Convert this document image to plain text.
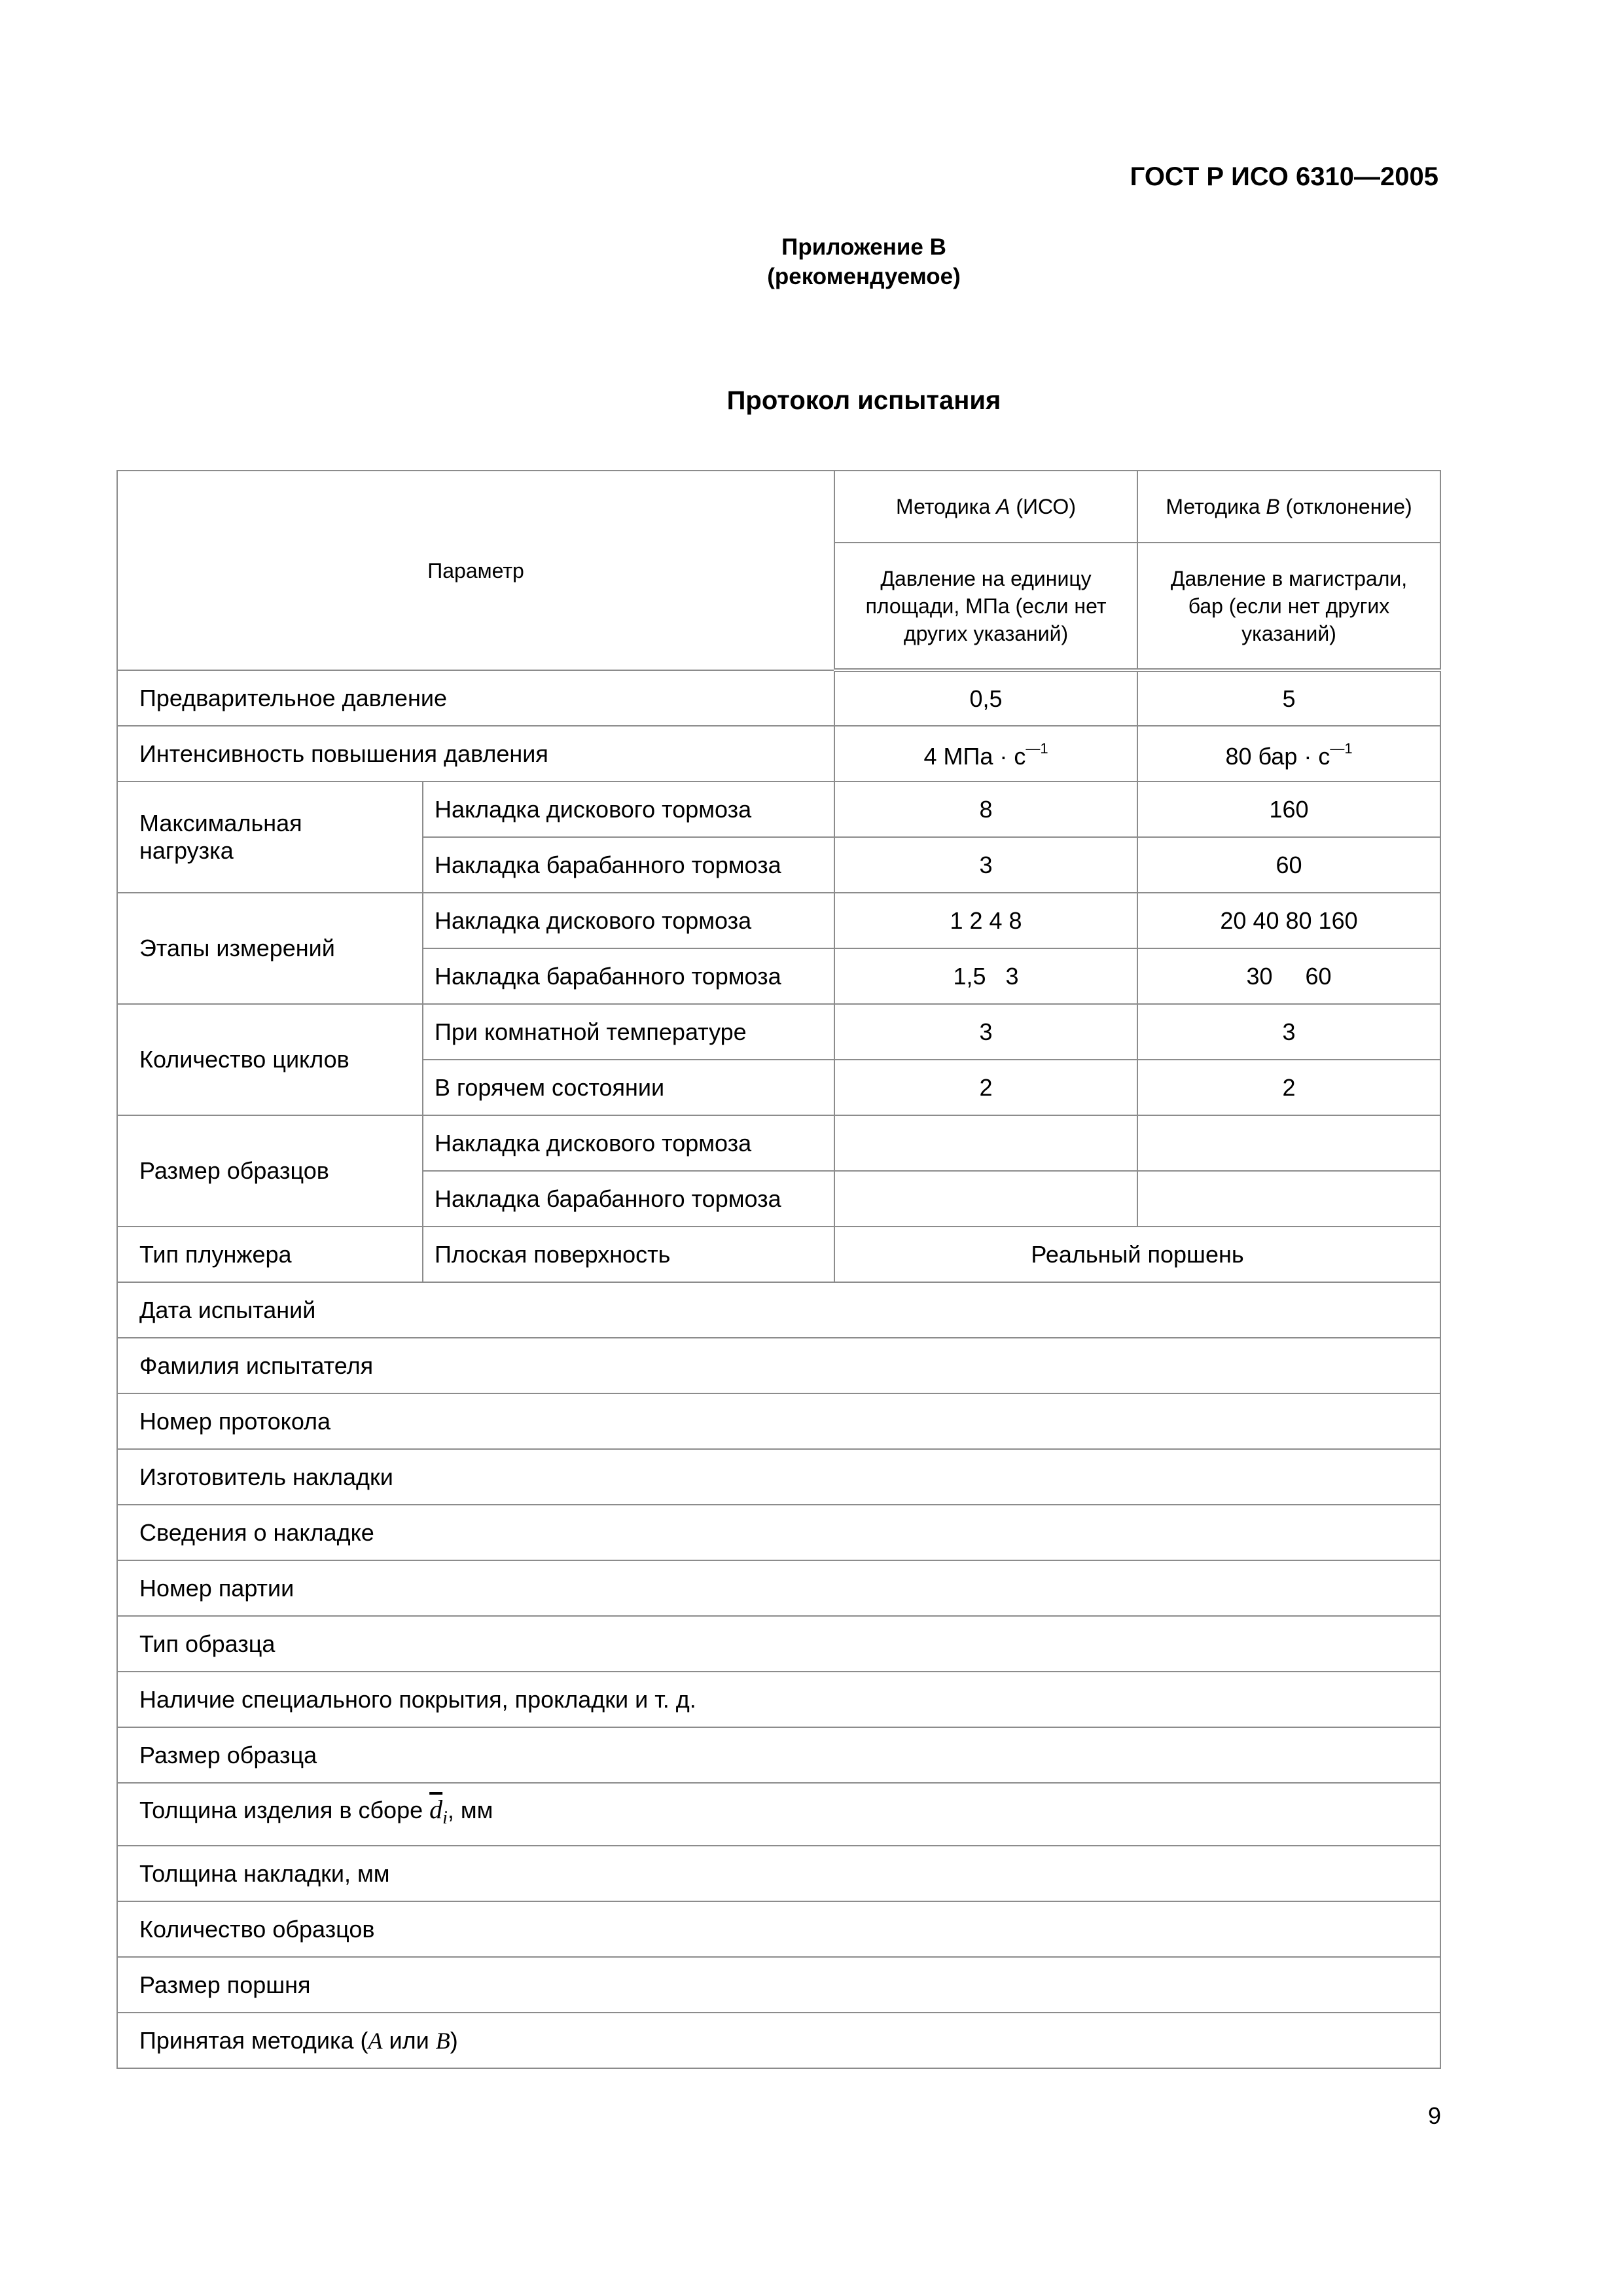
ГОСТ Р ИСО 6310—2005
Приложение В
(рекомендуемое)
Протокол испытания
Параметр		Методика A (ИСО)	Методика B (отклонение)
		Давление на единицу площади, МПа (если нет других указаний)	Давление в магистрали, бар (если нет других указаний)
Предварительное давление		0,5	5
Интенсивность повышения давления		4 МПа · $с^{—1}$	80 бар · $с^{—1}$
Максимальная нагрузка	Накладка дискового тормоза	8	160
	Накладка барабанного тормоза	3	60
Этапы измерений	Накладка дискового тормоза	1 2 4 8	20 40 80 160
	Накладка барабанного тормоза	1,5   3	30     60
Количество циклов	При комнатной температуре	3	3
	В горячем состоянии	2	2
Размер образцов	Накладка дискового тормоза		
	Накладка барабанного тормоза		
Тип плунжера	Плоская поверхность	Реальный поршень	
Дата испытаний			
Фамилия испытателя			
Номер протокола			
Изготовитель накладки			
Сведения о накладке			
Номер партии			
Тип образца			
Наличие специального покрытия, прокладки и т. д.			
Размер образца			
Толщина изделия в сборе $\overline{d}_i$, мм			
Толщина накладки, мм			
Количество образцов			
Размер поршня			
Принятая методика (A или B)			
9
